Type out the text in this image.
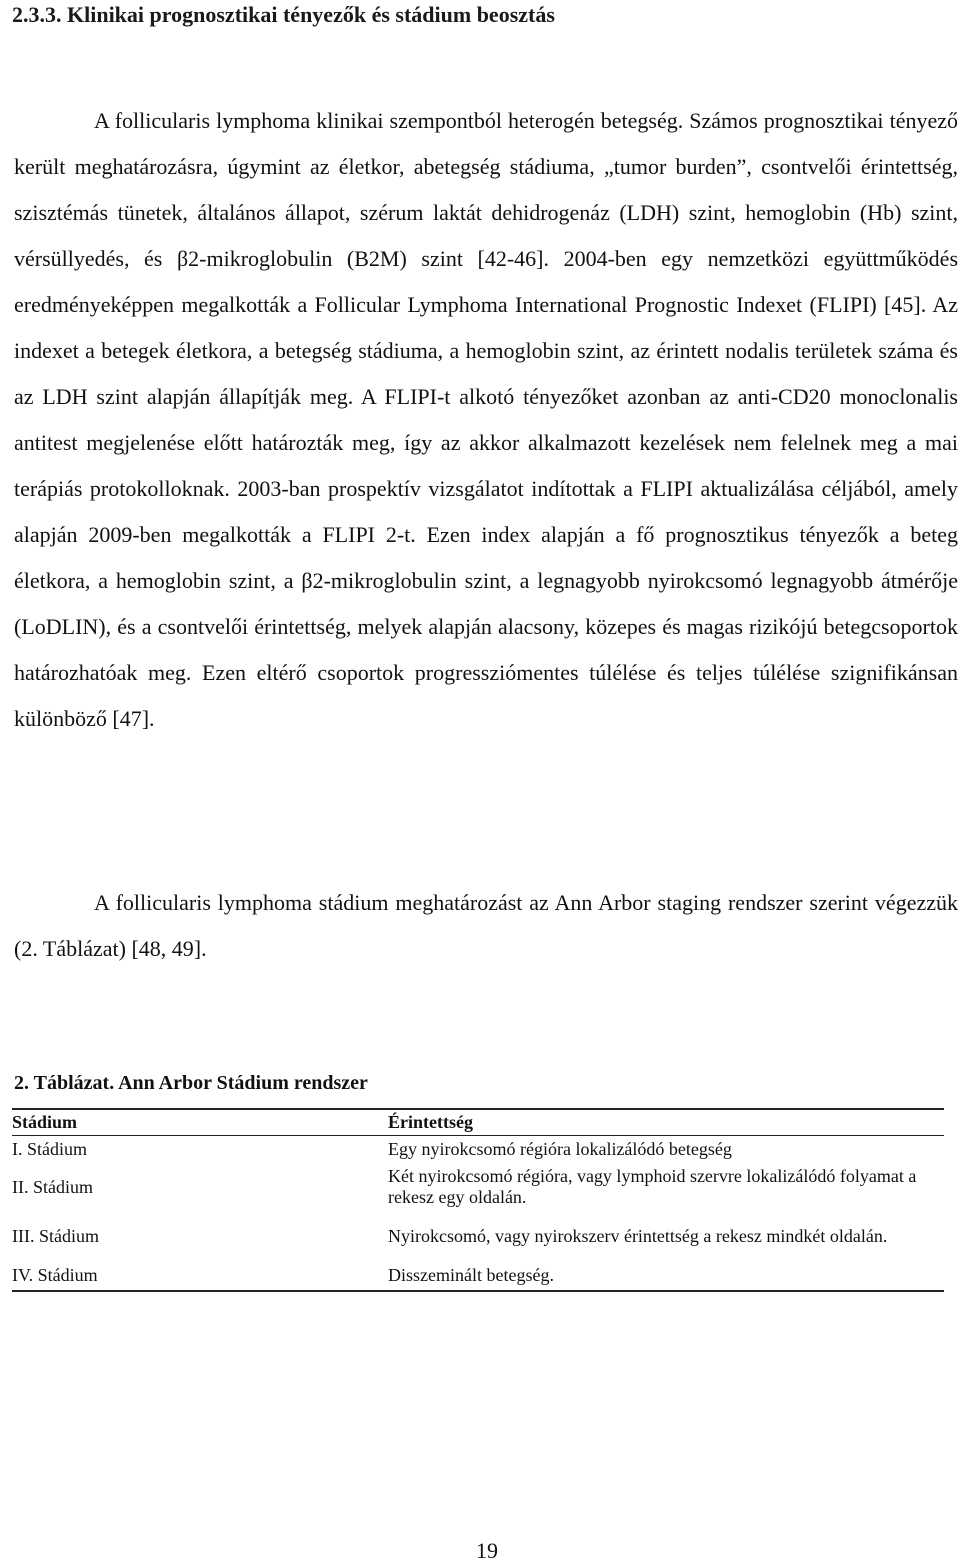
2.3.3. Klinikai prognosztikai tényezők és stádium beosztás

A follicularis lymphoma klinikai szempontból heterogén betegség. Számos prognosztikai tényező került meghatározásra, úgymint az életkor, abetegség stádiuma, „tumor burden”, csontvelői érintettség, szisztémás tünetek, általános állapot, szérum laktát dehidrogenáz (LDH) szint, hemoglobin (Hb) szint, vérsüllyedés, és β2-mikroglobulin (B2M) szint [42-46]. 2004-ben egy nemzetközi együttműködés eredményeképpen megalkották a Follicular Lymphoma International Prognostic Indexet (FLIPI) [45]. Az indexet a betegek életkora, a betegség stádiuma, a hemoglobin szint, az érintett nodalis területek száma és az LDH szint alapján állapítják meg. A FLIPI-t alkotó tényezőket azonban az anti-CD20 monoclonalis antitest megjelenése előtt határozták meg, így az akkor alkalmazott kezelések nem felelnek meg a mai terápiás protokolloknak. 2003-ban prospektív vizsgálatot indítottak a FLIPI aktualizálása céljából, amely alapján 2009-ben megalkották a FLIPI 2-t. Ezen index alapján a fő prognosztikus tényezők a beteg életkora, a hemoglobin szint, a β2-mikroglobulin szint, a legnagyobb nyirokcsomó legnagyobb átmérője (LoDLIN), és a csontvelői érintettség, melyek alapján alacsony, közepes és magas rizikójú betegcsoportok határozhatóak meg. Ezen eltérő csoportok progressziómentes túlélése és teljes túlélése szignifikánsan különböző [47].

A follicularis lymphoma stádium meghatározást az Ann Arbor staging rendszer szerint végezzük (2. Táblázat) [48, 49].

2. Táblázat. Ann Arbor Stádium rendszer

Stádium	Érintettség
I. Stádium	Egy nyirokcsomó régióra lokalizálódó betegség
II. Stádium	Két nyirokcsomó régióra, vagy lymphoid szervre lokalizálódó folyamat a rekesz egy oldalán.
III. Stádium	Nyirokcsomó, vagy nyirokszerv érintettség a rekesz mindkét oldalán.
IV. Stádium	Disszeminált betegség.

19
